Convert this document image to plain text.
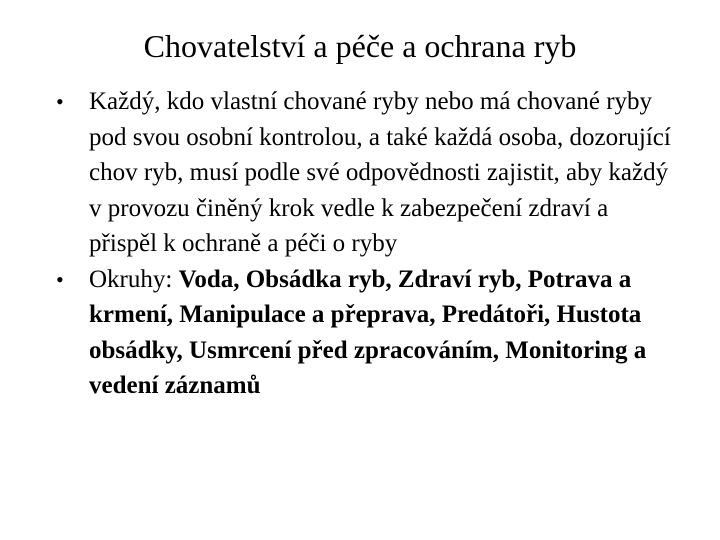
Chovatelství a péče a ochrana ryb
•	Každý, kdo vlastní chované ryby nebo má chované ryby pod svou osobní kontrolou, a také každá osoba, dozorující chov ryb, musí podle své odpovědnosti zajistit, aby každý v provozu činěný krok vedle k zabezpečení zdraví a přispěl k ochraně a péči o ryby
•	Okruhy: Voda, Obsádka ryb, Zdraví ryb, Potrava a krmení, Manipulace a přeprava, Predátoři, Hustota obsádky, Usmrcení před zpracováním, Monitoring a vedení záznamů
